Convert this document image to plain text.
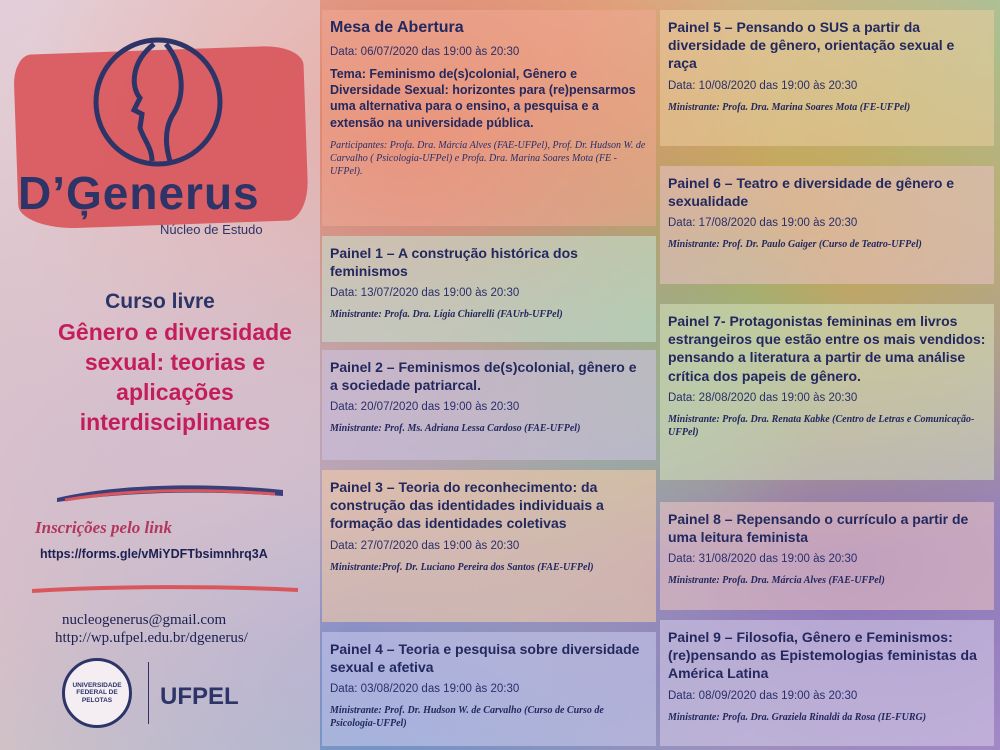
D’Ģenerus
Núcleo de Estudo
Curso livre
Gênero e diversidade sexual: teorias e aplicações interdisciplinares
Inscrições pelo link
https://forms.gle/vMiYDFTbsimnhrq3A
nucleogenerus@gmail.com
http://wp.ufpel.edu.br/dgenerus/
UNIVERSIDADE FEDERAL DE PELOTAS	UFPEL
Mesa de Abertura
Data: 06/07/2020 das 19:00 às 20:30
Tema: Feminismo de(s)colonial, Gênero e Diversidade Sexual: horizontes para (re)pensarmos uma alternativa para o ensino, a pesquisa e a extensão na universidade pública.
Participantes: Profa. Dra. Márcia Alves (FAE-UFPel), Prof. Dr. Hudson W. de Carvalho ( Psicologia-UFPel) e Profa. Dra. Marina Soares Mota (FE - UFPel).
Painel 1 – A construção histórica dos feminismos
Data: 13/07/2020 das 19:00 às 20:30
Ministrante: Profa. Dra. Lígia Chiarelli (FAUrb-UFPel)
Painel 2 – Feminismos de(s)colonial, gênero e a sociedade patriarcal.
Data: 20/07/2020 das 19:00 às 20:30
Ministrante: Prof. Ms. Adriana Lessa Cardoso (FAE-UFPel)
Painel 3 – Teoria do reconhecimento: da construção das identidades individuais a formação das identidades coletivas
Data: 27/07/2020 das 19:00 às 20:30
Ministrante:Prof. Dr. Luciano Pereira dos Santos (FAE-UFPel)
Painel 4 – Teoria e pesquisa sobre diversidade sexual e afetiva
Data: 03/08/2020 das 19:00 às 20:30
Ministrante: Prof. Dr. Hudson W. de Carvalho (Curso de Curso de Psicologia-UFPel)
Painel 5 – Pensando o SUS a partir da diversidade de gênero, orientação sexual e raça
Data: 10/08/2020 das 19:00 às 20:30
Ministrante: Profa. Dra. Marina Soares Mota (FE-UFPel)
Painel 6 – Teatro e diversidade de gênero e sexualidade
Data: 17/08/2020 das 19:00 às 20:30
Ministrante: Prof. Dr. Paulo Gaiger (Curso de Teatro-UFPel)
Painel 7- Protagonistas femininas em livros estrangeiros que estão entre os mais vendidos: pensando a literatura a partir de uma análise crítica dos papeis de gênero.
Data: 28/08/2020 das 19:00 às 20:30
Ministrante: Profa. Dra. Renata Kabke (Centro de Letras e Comunicação-UFPel)
Painel 8 – Repensando o currículo a partir de uma leitura feminista
Data: 31/08/2020 das 19:00 às 20:30
Ministrante: Profa. Dra. Márcia Alves (FAE-UFPel)
Painel 9 – Filosofia, Gênero e Feminismos: (re)pensando as Epistemologias feministas da América Latina
Data: 08/09/2020 das 19:00 às 20:30
Ministrante: Profa. Dra. Graziela Rinaldi da Rosa (IE-FURG)
